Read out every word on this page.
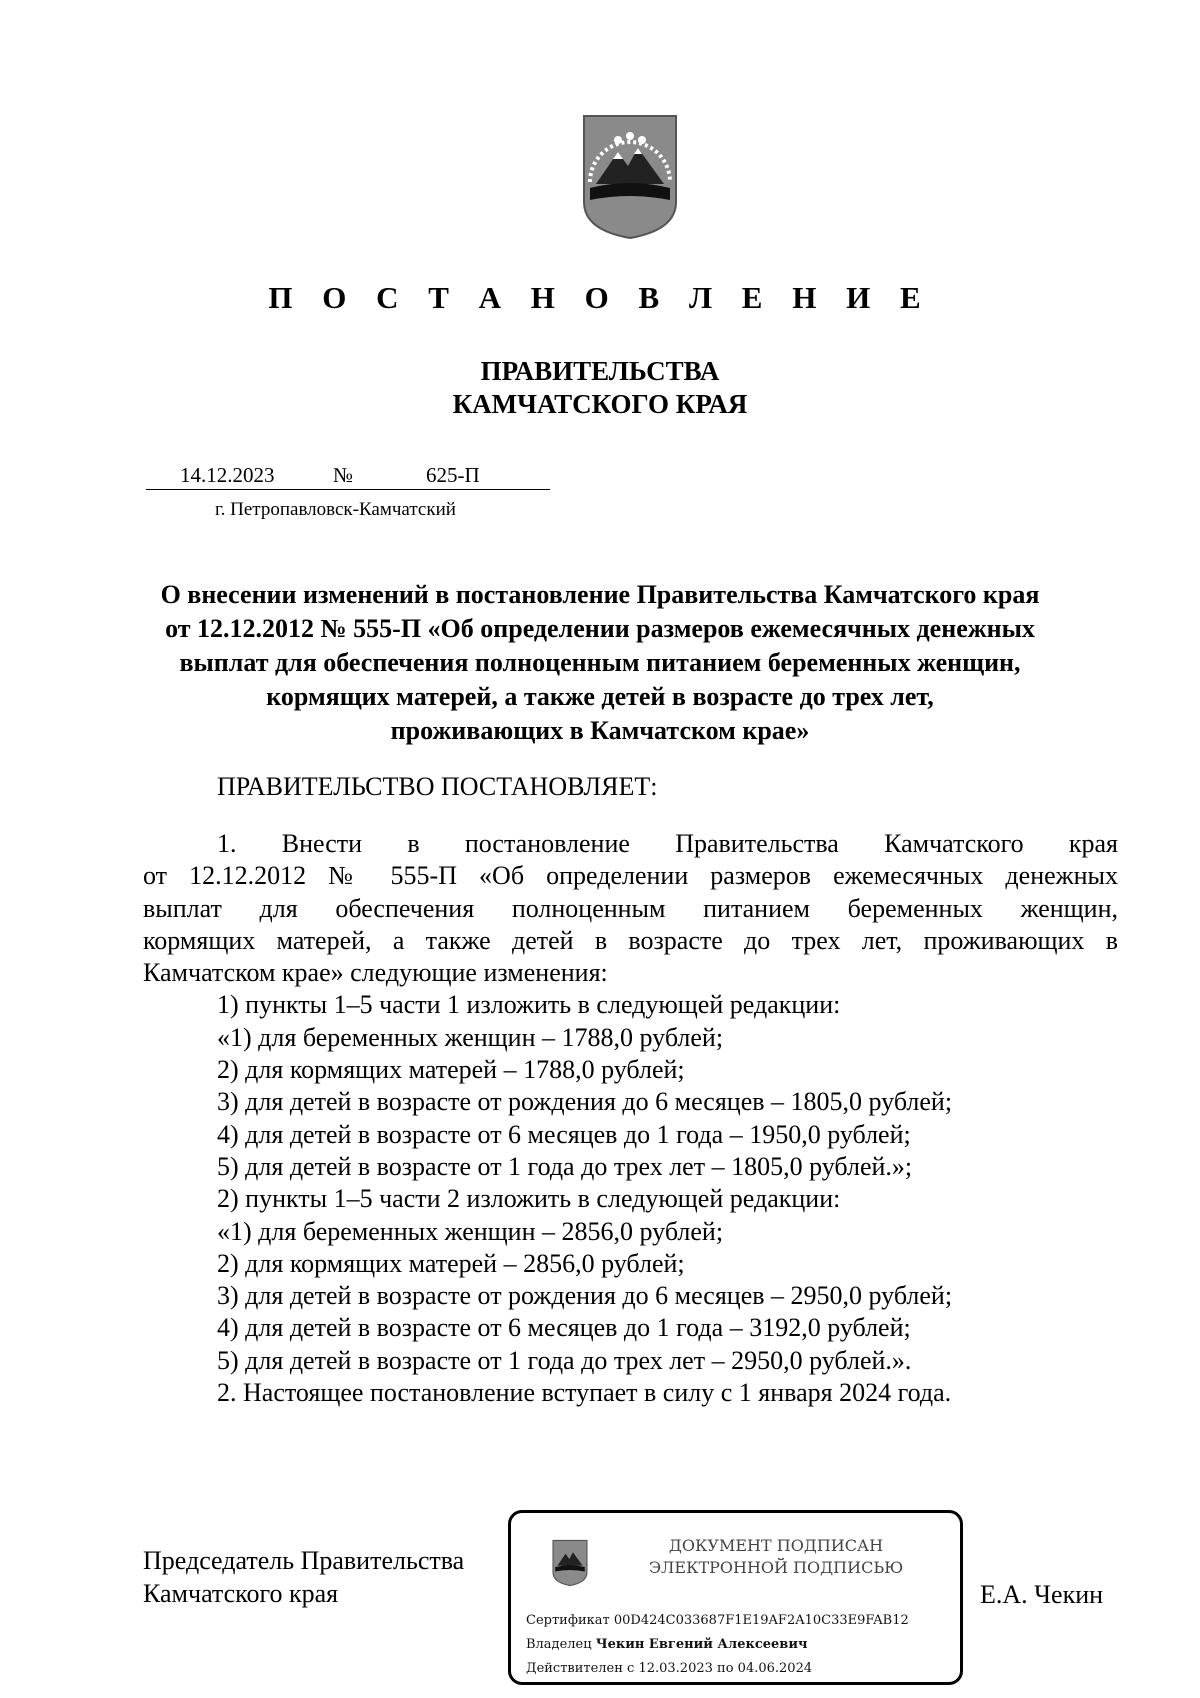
П О С Т А Н О В Л Е Н И Е
ПРАВИТЕЛЬСТВА
КАМЧАТСКОГО КРАЯ
14.12.2023	№	625-П
г. Петропавловск-Камчатский
О внесении изменений в постановление Правительства Камчатского края
от 12.12.2012 № 555-П «Об определении размеров ежемесячных денежных
выплат для обеспечения полноценным питанием беременных женщин,
кормящих матерей, а также детей в возрасте до трех лет,
проживающих в Камчатском крае»
ПРАВИТЕЛЬСТВО ПОСТАНОВЛЯЕТ:

1. Внести в постановление Правительства Камчатского края

от 12.12.2012 № 555-П «Об определении размеров ежемесячных денежных

выплат для обеспечения полноценным питанием беременных женщин,

кормящих матерей, а также детей в возрасте до трех лет, проживающих в

Камчатском крае» следующие изменения:

1) пункты 1–5 части 1 изложить в следующей редакции:

«1) для беременных женщин – 1788,0 рублей;

2) для кормящих матерей – 1788,0 рублей;

3) для детей в возрасте от рождения до 6 месяцев – 1805,0 рублей;

4) для детей в возрасте от 6 месяцев до 1 года – 1950,0 рублей;

5) для детей в возрасте от 1 года до трех лет – 1805,0 рублей.»;

2) пункты 1–5 части 2 изложить в следующей редакции:

«1) для беременных женщин – 2856,0 рублей;

2) для кормящих матерей – 2856,0 рублей;

3) для детей в возрасте от рождения до 6 месяцев – 2950,0 рублей;

4) для детей в возрасте от 6 месяцев до 1 года – 3192,0 рублей;

5) для детей в возрасте от 1 года до трех лет – 2950,0 рублей.».

2. Настоящее постановление вступает в силу с 1 января 2024 года.

Председатель Правительства
Камчатского края
ДОКУМЕНТ ПОДПИСАН
ЭЛЕКТРОННОЙ ПОДПИСЬЮ
Сертификат 00D424C033687F1E19AF2A10C33E9FAB12
Владелец Чекин Евгений Алексеевич
Действителен с 12.03.2023 по 04.06.2024
Е.А. Чекин
